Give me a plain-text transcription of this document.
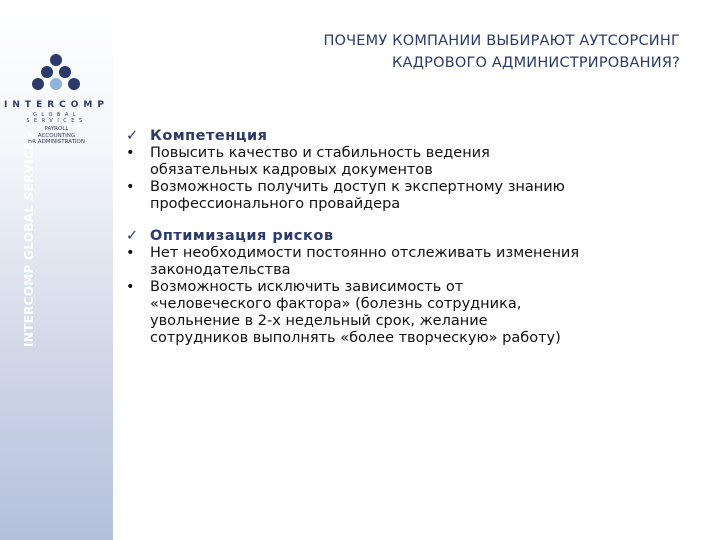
INTERCOMP
GLOBAL SERVICES
PAYROLL
ACCOUNTING
HR ADMINISTRATION
INTERCOMP GLOBAL SERVICES
ПОЧЕМУ КОМПАНИИ ВЫБИРАЮТ АУТСОРСИНГ
КАДРОВОГО АДМИНИСТРИРОВАНИЯ?
✓ Компетенция
•	Повысить качество и стабильность ведения
обязательных кадровых документов
•	Возможность получить доступ к экспертному знанию
профессионального провайдера
✓ Оптимизация рисков
•	Нет необходимости постоянно отслеживать изменения
законодательства
•	Возможность исключить зависимость от
«человеческого фактора» (болезнь сотрудника,
увольнение в 2-х недельный срок, желание
сотрудников выполнять «более творческую» работу)
